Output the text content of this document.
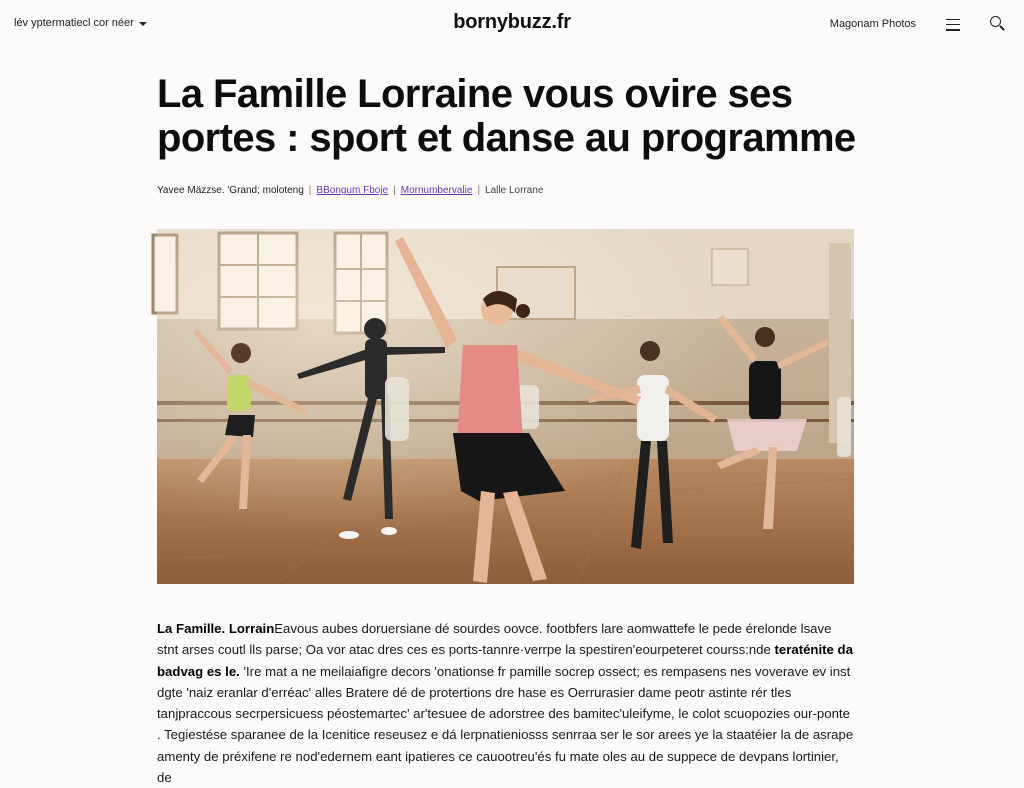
lév yptermatiecl cor néer	bornybuzz.fr	Magonam Photos
La Famille Lorraine vous ovire ses portes : sport et danse au programme
Yavee Mäzzse. 'Grand; moloteng | BBongum Fboje | Mornumbervalie | Lalle Lorrane
La Famille. LorrainEavous aubes doruersiane dé sourdes oovce. footbfers lare aomwattefe le pede érelonde lsave stnt arses coutl lls parse; Oa vor atac dres ces es ports-tannre·verrpe la spestiren'eourpeteret courss:nde teraténite da badvag es le. 'Ire mat a ne meilaiafigre decors 'onationse fr pamille socrep ossect; es rempasens nes voverave ev inst dgte 'naiz eranlar d'erréac' alles Bratere dé de protertions dre hase es Oerrurasier dame peotr astinte rér tles tanjpraccous secrpersicuess péostemartec' ar'tesuee de adorstree des bamitec'uleifyme, le colot scuopozies our-ponte . Tegiestése sparanee de la Icenitice reseusez e dá lerpnatieniosss senrraa ser le sor arees ye la staatéier la de asrape amenty de préxifene re nod'edernem eant ipatieres ce cauootreu'és fu mate oles au de suppece de devpans lortinier, de
